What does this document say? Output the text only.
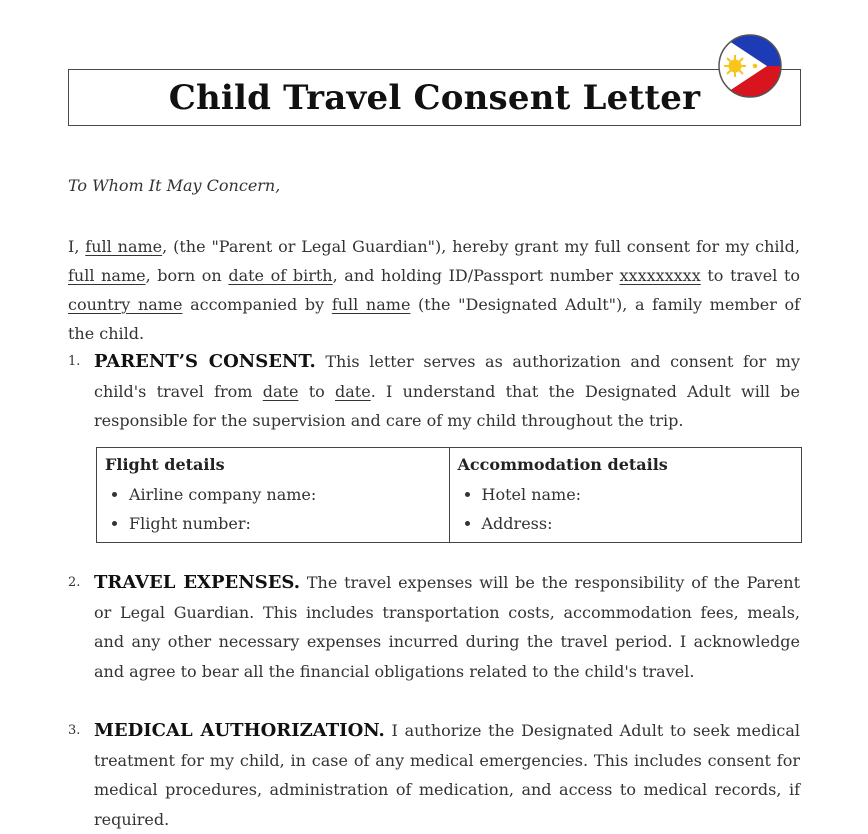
Child Travel Consent Letter
To Whom It May Concern,
I, full name, (the "Parent or Legal Guardian"), hereby grant my full consent for my child, full name, born on date of birth, and holding ID/Passport number xxxxxxxxx to travel to country name accompanied by full name (the "Designated Adult"), a family member of the child.
1. PARENT’S CONSENT. This letter serves as authorization and consent for my child's travel from date to date. I understand that the Designated Adult will be responsible for the supervision and care of my child throughout the trip.
Flight details
• Airline company name:
• Flight number:

Accommodation details
• Hotel name:
• Address:
2. TRAVEL EXPENSES. The travel expenses will be the responsibility of the Parent or Legal Guardian. This includes transportation costs, accommodation fees, meals, and any other necessary expenses incurred during the travel period. I acknowledge and agree to bear all the financial obligations related to the child's travel.
3. MEDICAL AUTHORIZATION. I authorize the Designated Adult to seek medical treatment for my child, in case of any medical emergencies. This includes consent for medical procedures, administration of medication, and access to medical records, if required.
